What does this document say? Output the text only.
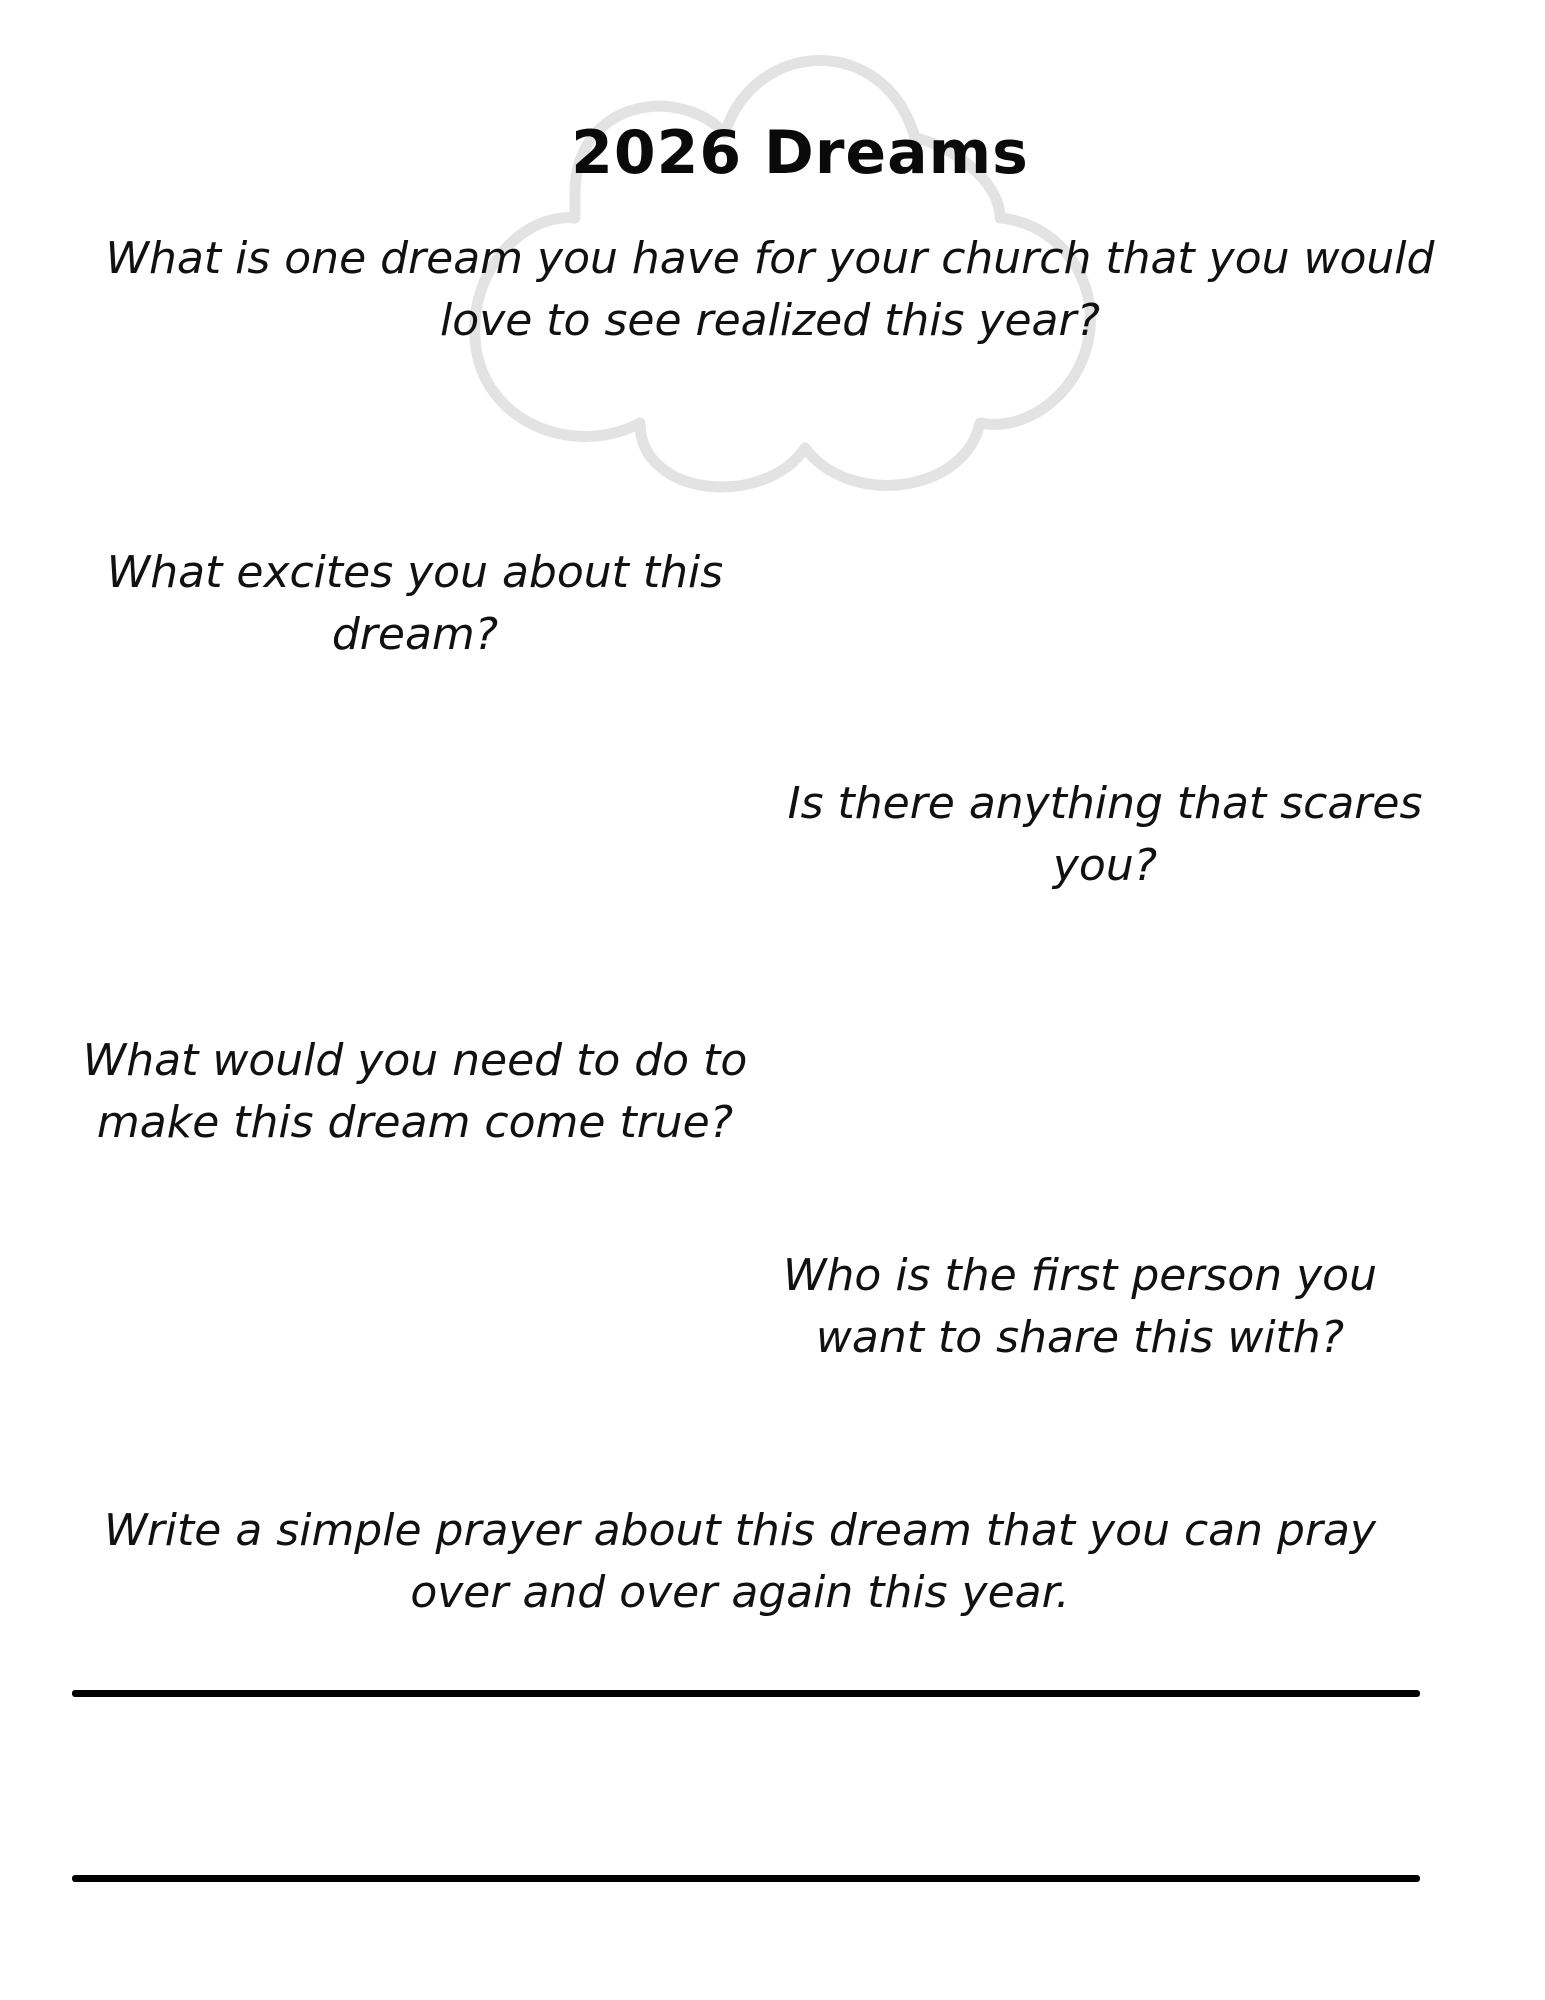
2026 Dreams
What is one dream you have for your church that you would love to see realized this year?
What excites you about this dream?
Is there anything that scares you?
What would you need to do to make this dream come true?
Who is the first person you want to share this with?
Write a simple prayer about this dream that you can pray over and over again this year.
